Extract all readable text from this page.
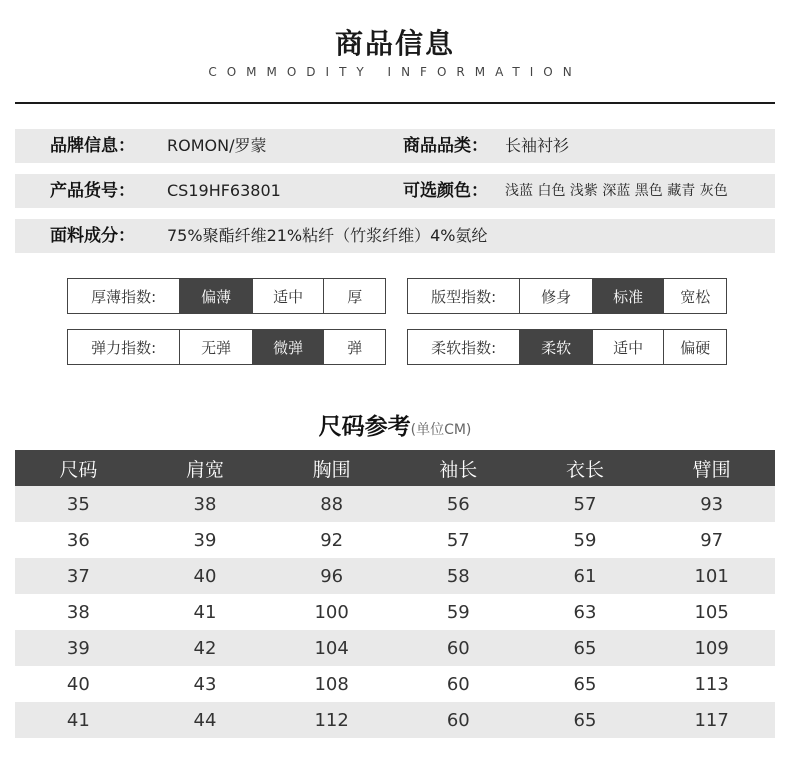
商品信息
COMMODITY INFORMATION
品牌信息： ROMON/罗蒙	商品品类： 长袖衬衫
产品货号： CS19HF63801	可选颜色： 浅蓝 白色 浅紫 深蓝 黑色 藏青 灰色
面料成分： 75%聚酯纤维21%粘纤（竹浆纤维）4%氨纶
厚薄指数:	偏薄	适中	厚	版型指数:	修身	标准	宽松
弹力指数:	无弹	微弹	弹	柔软指数:	柔软	适中	偏硬
尺码参考(单位CM)
尺码	肩宽	胸围	袖长	衣长	臂围
35	38	88	56	57	93
36	39	92	57	59	97
37	40	96	58	61	101
38	41	100	59	63	105
39	42	104	60	65	109
40	43	108	60	65	113
41	44	112	60	65	117
